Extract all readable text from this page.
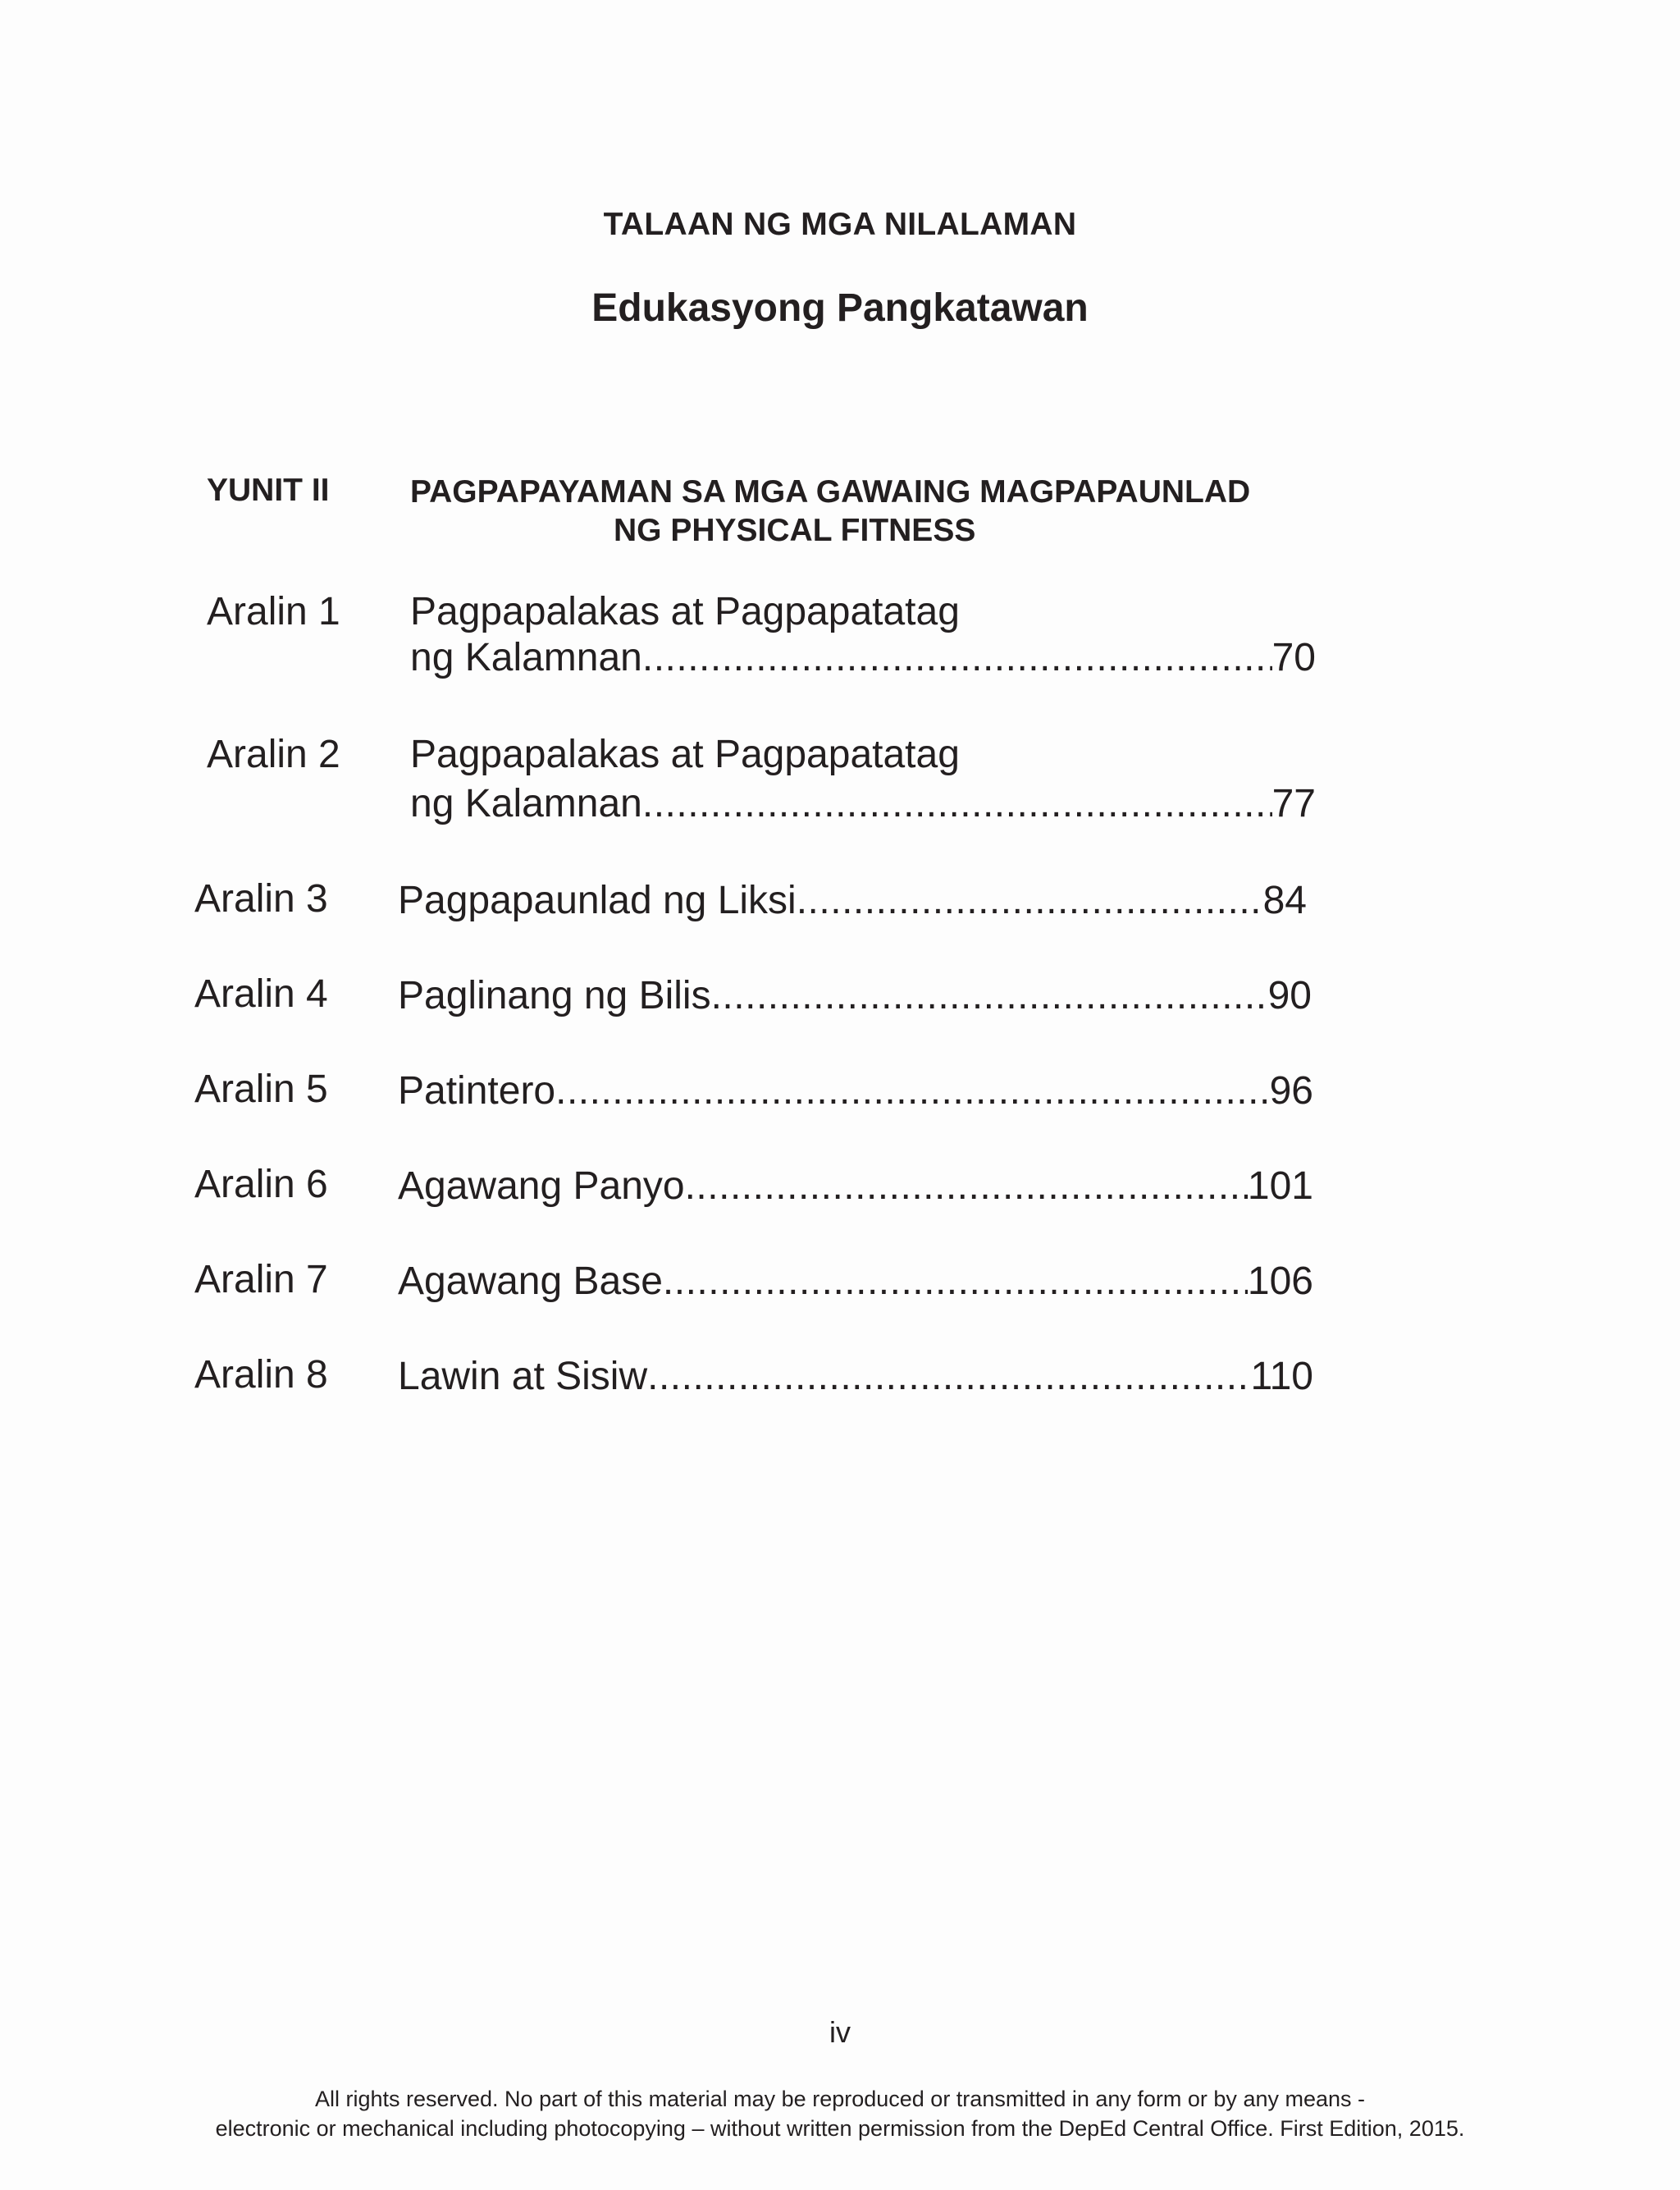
TALAAN NG MGA NILALAMAN
Edukasyong Pangkatawan
YUNIT II	PAGPAPAYAMAN SA MGA GAWAING MAGPAPAUNLAD
NG PHYSICAL FITNESS
Aralin 1 Pagpapalakas at Pagpapatatag
ng Kalamnan .....	70
Aralin 2 Pagpapalakas at Pagpapatatag
ng Kalamnan .....	77
Aralin 3 Pagpapaunlad ng Liksi .....	84
Aralin 4 Paglinang ng Bilis .....	90
Aralin 5 Patintero .....	96
Aralin 6 Agawang Panyo .....	101
Aralin 7 Agawang Base .....	106
Aralin 8 Lawin at Sisiw .....	110
iv
All rights reserved. No part of this material may be reproduced or transmitted in any form or by any means -
electronic or mechanical including photocopying – without written permission from the DepEd Central Office. First Edition, 2015.
